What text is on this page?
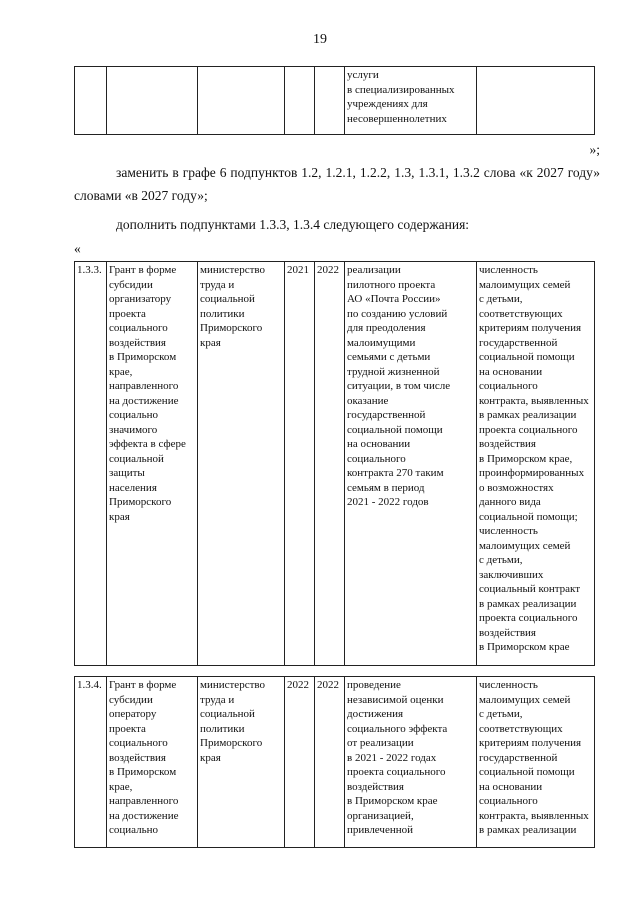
19
					услуги
в специализированных
учреждениях для
несовершеннолетних	

»;

заменить в графе 6 подпунктов 1.2, 1.2.1, 1.2.2, 1.3, 1.3.1, 1.3.2 слова «к 2027 году» словами «в 2027 году»;

дополнить подпунктами 1.3.3, 1.3.4 следующего содержания:

«

1.3.3.	Грант в форме
субсидии
организатору
проекта
социального
воздействия
в Приморском
крае,
направленного
на достижение
социально
значимого
эффекта в сфере
социальной
защиты
населения
Приморского
края	министерство
труда и
социальной
политики
Приморского
края	2021	2022	реализации
пилотного проекта
АО «Почта России»
по созданию условий
для преодоления
малоимущими
семьями с детьми
трудной жизненной
ситуации, в том числе
оказание
государственной
социальной помощи
на основании
социального
контракта 270 таким
семьям в период
2021 - 2022 годов	численность
малоимущих семей
с детьми,
соответствующих
критериям получения
государственной
социальной помощи
на основании
социального
контракта, выявленных
в рамках реализации
проекта социального
воздействия
в Приморском крае,
проинформированных
о возможностях
данного вида
социальной помощи;
численность
малоимущих семей
с детьми,
заключивших
социальный контракт
в рамках реализации
проекта социального
воздействия
в Приморском крае
1.3.4.	Грант в форме
субсидии
оператору
проекта
социального
воздействия
в Приморском
крае,
направленного
на достижение
социально	министерство
труда и
социальной
политики
Приморского
края	2022	2022	проведение
независимой оценки
достижения
социального эффекта
от реализации
в 2021 - 2022 годах
проекта социального
воздействия
в Приморском крае
организацией,
привлеченной	численность
малоимущих семей
с детьми,
соответствующих
критериям получения
государственной
социальной помощи
на основании
социального
контракта, выявленных
в рамках реализации
